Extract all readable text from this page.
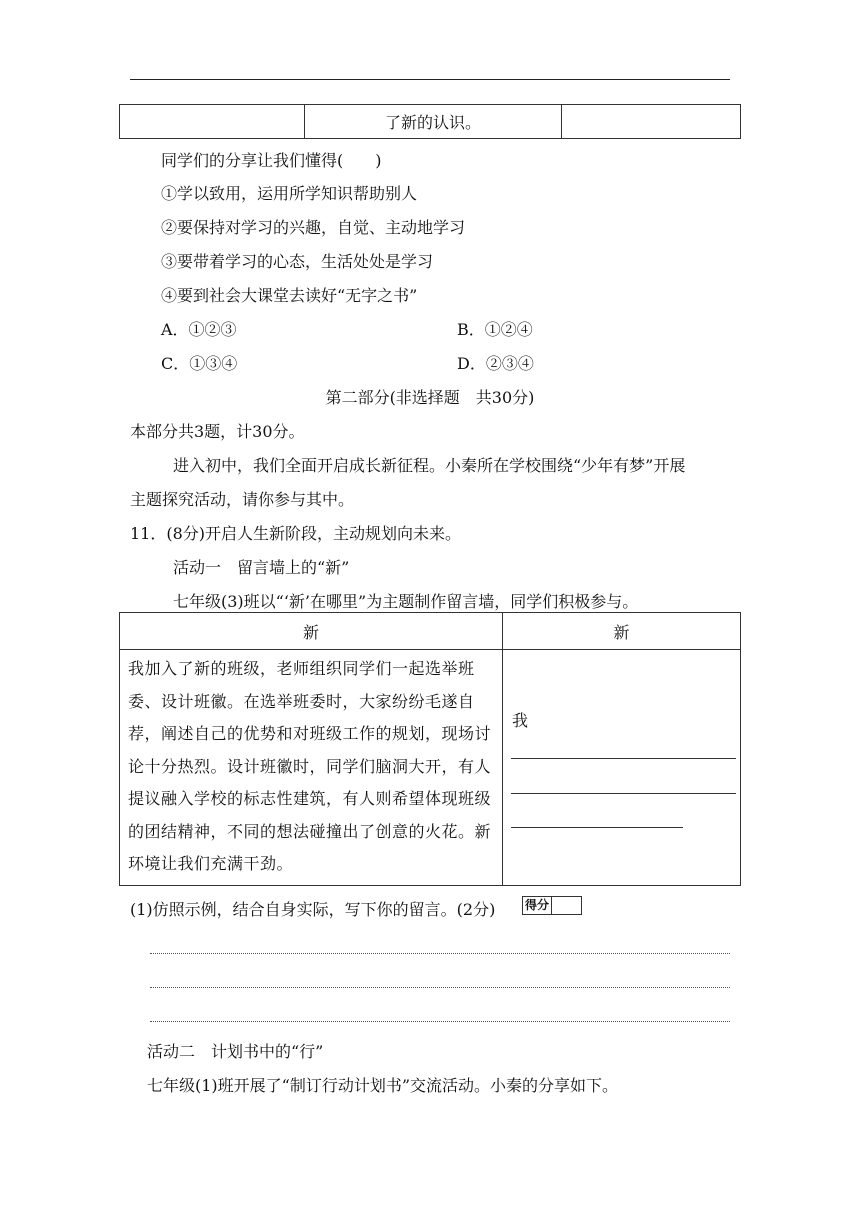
	了新的认识。	
同学们的分享让我们懂得(　　)
①学以致用，运用所学知识帮助别人
②要保持对学习的兴趣，自觉、主动地学习
③要带着学习的心态，生活处处是学习
④要到社会大课堂去读好“无字之书”
A．①②③	B．①②④
C．①③④	D．②③④
第二部分(非选择题　共30分)
本部分共3题，计30分。
进入初中，我们全面开启成长新征程。小秦所在学校围绕“少年有梦”开展
主题探究活动，请你参与其中。
11．(8分)开启人生新阶段，主动规划向未来。
活动一　留言墙上的“新”
七年级(3)班以“‘新’在哪里”为主题制作留言墙，同学们积极参与。
新	新
我加入了新的班级，老师组织同学们一起选举班委、设计班徽。在选举班委时，大家纷纷毛遂自荐，阐述自己的优势和对班级工作的规划，现场讨论十分热烈。设计班徽时，同学们脑洞大开，有人提议融入学校的标志性建筑，有人则希望体现班级的团结精神，不同的想法碰撞出了创意的火花。新环境让我们充满干劲。	我
(1)仿照示例，结合自身实际，写下你的留言。(2分) 得分
活动二　计划书中的“行”
七年级(1)班开展了“制订行动计划书”交流活动。小秦的分享如下。
